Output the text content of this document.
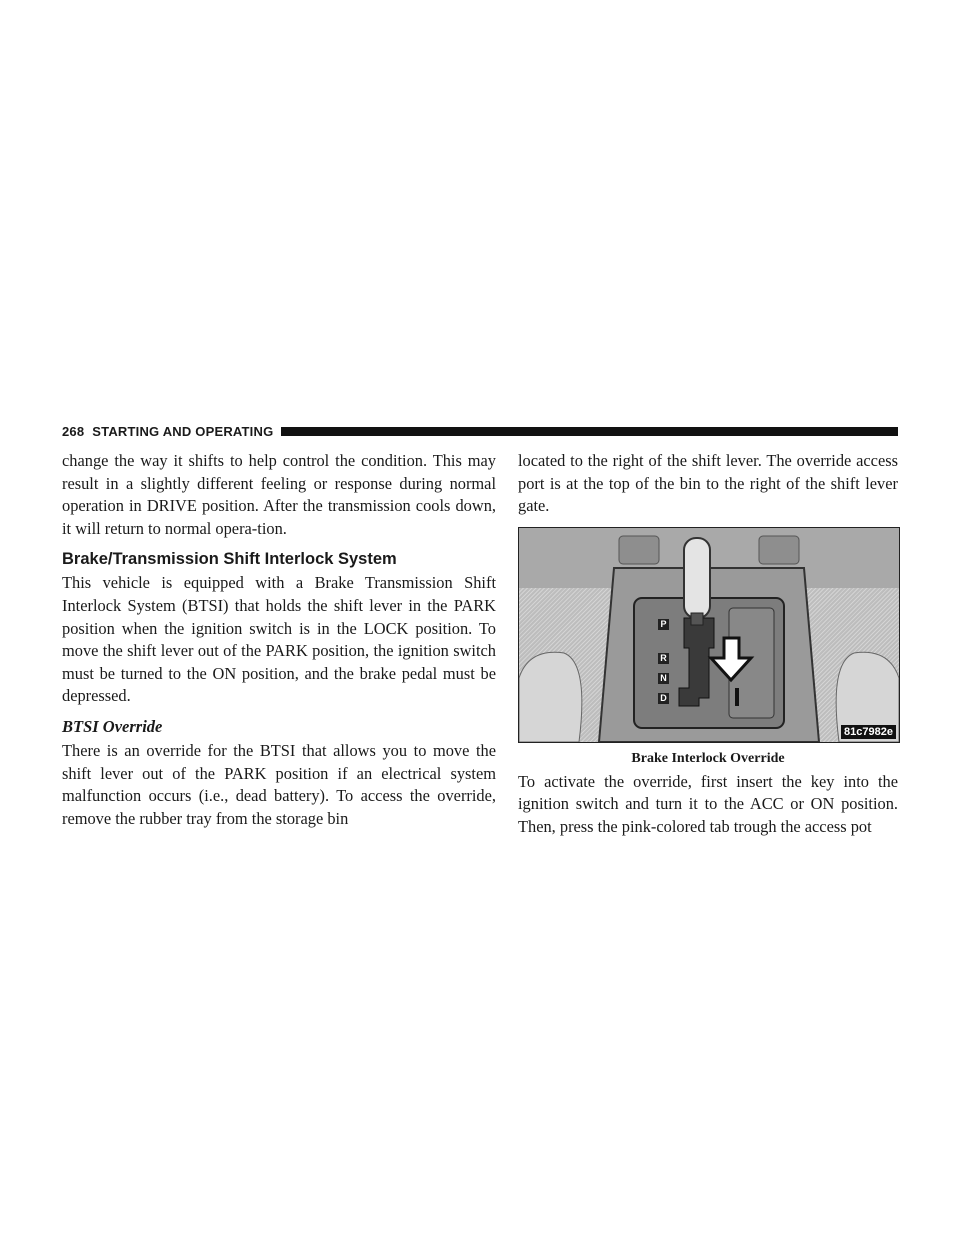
268 STARTING AND OPERATING

change the way it shifts to help control the condition. This may result in a slightly different feeling or response during normal operation in DRIVE position. After the transmission cools down, it will return to normal opera-tion.

Brake/Transmission Shift Interlock System

This vehicle is equipped with a Brake Transmission Shift Interlock System (BTSI) that holds the shift lever in the PARK position when the ignition switch is in the LOCK position. To move the shift lever out of the PARK position, the ignition switch must be turned to the ON position, and the brake pedal must be depressed.

BTSI Override

There is an override for the BTSI that allows you to move the shift lever out of the PARK position if an electrical system malfunction occurs (i.e., dead battery). To access the override, remove the rubber tray from the storage bin

located to the right of the shift lever. The override access port is at the top of the bin to the right of the shift lever gate.

P
R
N
D
81c7982e
Brake Interlock Override

To activate the override, first insert the key into the ignition switch and turn it to the ACC or ON position. Then, press the pink-colored tab trough the access pot
